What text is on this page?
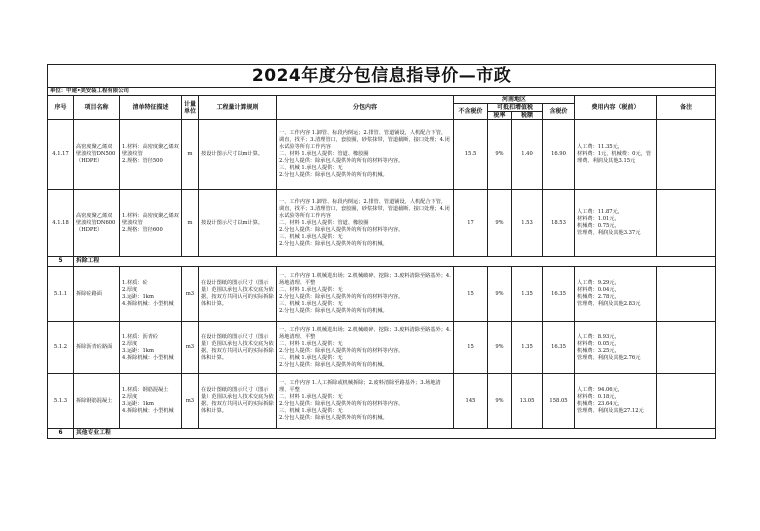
2024年度分包信息指导价—市政											
单位：中建•美安装工程有限公司											
序号	项目名称	清单特征描述	计量单位	工程量计算规则	分包内容	河南地区				费用内容（税前）	备注
						不含税价	可抵扣增值税		含税价		
							税率	税额			
4.1.17	高密度聚乙烯双壁波纹管DN500（HDPE）	1.材料：高密度聚乙烯双壁波纹管
2.规格：管径500	m	按设计图示尺寸以m计算。	一、工作内容 1.卸管、标段内倒运；2.排管、管道铺设，人机配合下管，调直，找平；3.清理管口，套胶圈，砂浆抹带，管道截断、接口处理；4.闭水试验等所有工作内容
二、材料 1.承包人提供：管道、橡胶圈
2.分包人提供：除承包人提供外的所有的材料等内容。
三、机械 1.承包人提供：无
2.分包人提供：除承包人提供外的所有的机械。	15.5	9%	1.40	16.90	人工费：11.35元，
材料费：1元，机械费：0元，管理费、利润及其他3.15元	
4.1.18	高密度聚乙烯双壁波纹管DN600（HDPE）	1.材料：高密度聚乙烯双壁波纹管
2.规格：管径600	m	按设计图示尺寸以m计算。	一、工作内容 1.卸管、标段内倒运；2.排管、管道铺设，人机配合下管，调直，找平；3.清理管口，套胶圈，砂浆抹带，管道截断、接口处理；4.闭水试验等所有工作内容
二、材料 1.承包人提供：管道、橡胶圈
2.分包人提供：除承包人提供外的所有的材料等内容。
三、机械 1.承包人提供：无
2.分包人提供：除承包人提供外的所有的机械。	17	9%	1.53	18.53	人工费：11.87元，
材料费：1.01元，
机械费：0.75元，
管理费、利润及其他3.37元	
5	拆除工程										
5.1.1	拆除砼路面	1.材质：砼
2.厚度
3.运距：1km
4.拆除机械：小型机械	m3	在设计图纸的图示尺寸（图示量）范围以承包人技术交底为依据，按双方共同认可的实际拆除体积计算。	一、工作内容 1.机械进出场；2.机械破碎、挖除；3.废料清除至路基外；4.场地清理、平整
二、材料 1.承包人提供：无
2.分包人提供：除承包人提供外的所有的材料等内容。
三、机械 1.承包人提供：无
2.分包人提供：除承包人提供外的所有的机械。	15	9%	1.35	16.35	人工费：9.29元，
材料费：0.04元，
机械费：2.78元，
管理费、利润及其他2.83元	
5.1.2	拆除沥青砼路面	1.材质：沥青砼
2.厚度
3.运距：1km
4.拆除机械：小型机械	m3	在设计图纸的图示尺寸（图示量）范围以承包人技术交底为依据，按双方共同认可的实际拆除体积计算。	一、工作内容 1.机械进出场；2.机械破碎、挖除；3.废料清除至路基外；4.场地清理、平整
二、材料 1.承包人提供：无
2.分包人提供：除承包人提供外的所有的材料等内容。
三、机械 1.承包人提供：无
2.分包人提供：除承包人提供外的所有的机械。	15	9%	1.35	16.35	人工费：8.93元，
材料费：0.05元，
机械费：3.25元，
管理费、利润及其他2.76元	
5.1.3	拆除钢筋混凝土	1.材质：钢筋混凝土
2.厚度
3.运距：1km
4.拆除机械：小型机械	m3	在设计图纸的图示尺寸（图示量）范围以承包人技术交底为依据，按双方共同认可的实际拆除体积计算。	一、工作内容 1.人工拆除或机械拆除；2.废料清除至路基外；3.场地清理、平整
二、材料 1.承包人提供：无
2.分包人提供：除承包人提供外的所有的材料等内容。
三、机械 1.承包人提供：无
2.分包人提供：除承包人提供外的所有的机械。	145	9%	13.05	158.05	人工费：94.06元，
材料费：0.18元，
机械费：23.64元，
管理费、利润及其他27.12元	
6	其他专业工程										
